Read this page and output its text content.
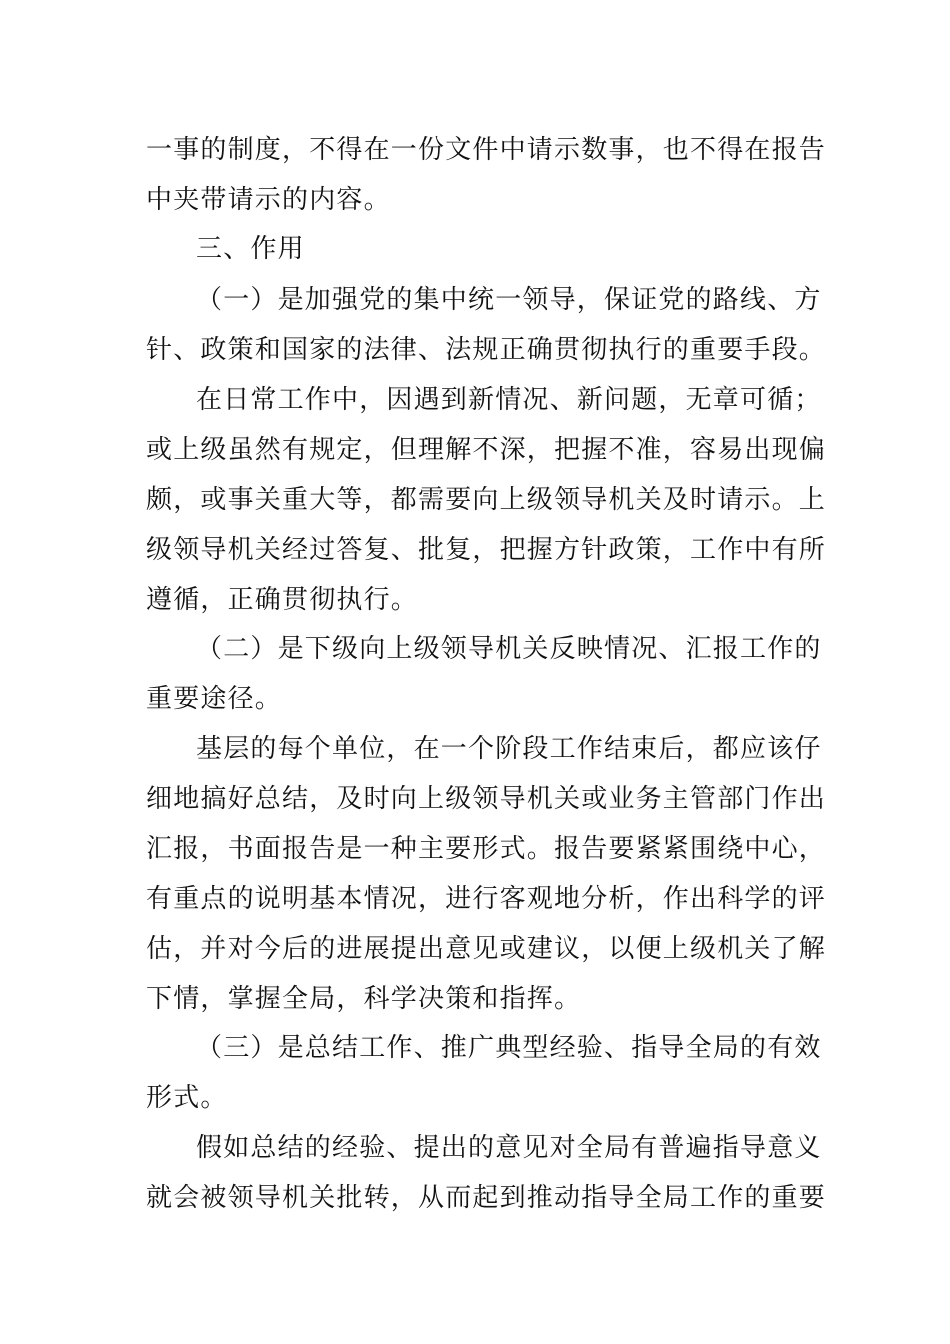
一事的制度，不得在一份文件中请示数事，也不得在报告
中夹带请示的内容。
三、作用
（一）是加强党的集中统一领导，保证党的路线、方
针、政策和国家的法律、法规正确贯彻执行的重要手段。
在日常工作中，因遇到新情况、新问题，无章可循；
或上级虽然有规定，但理解不深，把握不准，容易出现偏
颇，或事关重大等，都需要向上级领导机关及时请示。上
级领导机关经过答复、批复，把握方针政策，工作中有所
遵循，正确贯彻执行。
（二）是下级向上级领导机关反映情况、汇报工作的
重要途径。
基层的每个单位，在一个阶段工作结束后，都应该仔
细地搞好总结，及时向上级领导机关或业务主管部门作出
汇报，书面报告是一种主要形式。报告要紧紧围绕中心，
有重点的说明基本情况，进行客观地分析，作出科学的评
估，并对今后的进展提出意见或建议，以便上级机关了解
下情，掌握全局，科学决策和指挥。
（三）是总结工作、推广典型经验、指导全局的有效
形式。
假如总结的经验、提出的意见对全局有普遍指导意义
就会被领导机关批转，从而起到推动指导全局工作的重要
